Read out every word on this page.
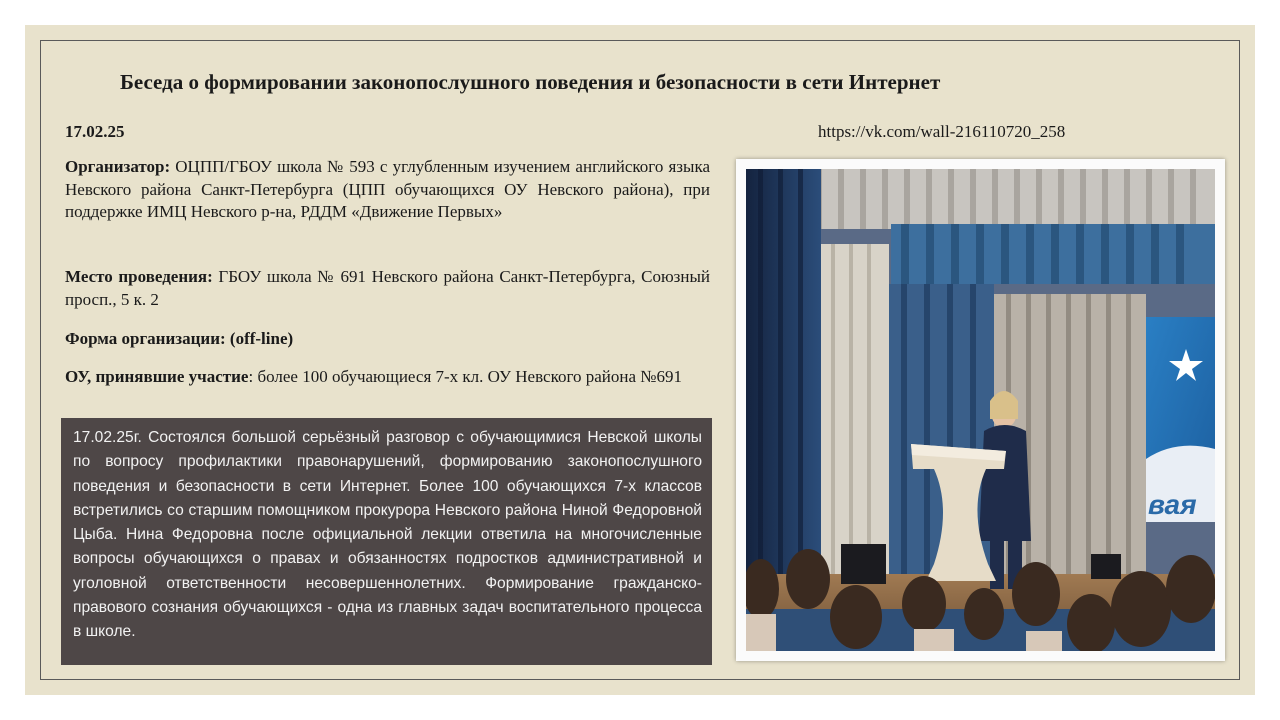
Беседа о формировании законопослушного поведения и безопасности в сети Интернет
17.02.25	https://vk.com/wall-216110720_258
Организатор: ОЦПП/ГБОУ школа № 593 с углубленным изучением английского языка Невского района Санкт-Петербурга (ЦПП обучающихся ОУ Невского района), при поддержке ИМЦ Невского р-на, РДДМ «Движение Первых»
Место проведения: ГБОУ школа № 691 Невского района Санкт-Петербурга, Союзный просп., 5 к. 2
Форма организации: (off-line)
ОУ, принявшие участие: более 100 обучающиеся 7-х кл. ОУ Невского района №691
17.02.25г. Состоялся большой серьёзный разговор с обучающимися Невской школы по вопросу профилактики правонарушений, формированию законопослушного поведения и безопасности в сети Интернет. Более 100 обучающихся 7-х классов встретились со старшим помощником прокурора Невского района Ниной Федоровной Цыба. Нина Федоровна после официальной лекции ответила на многочисленные вопросы обучающихся о правах и обязанностях подростков административной и уголовной ответственности несовершеннолетних. Формирование гражданско-правового сознания обучающихся - одна из главных задач воспитательного процесса в школе.
вая
